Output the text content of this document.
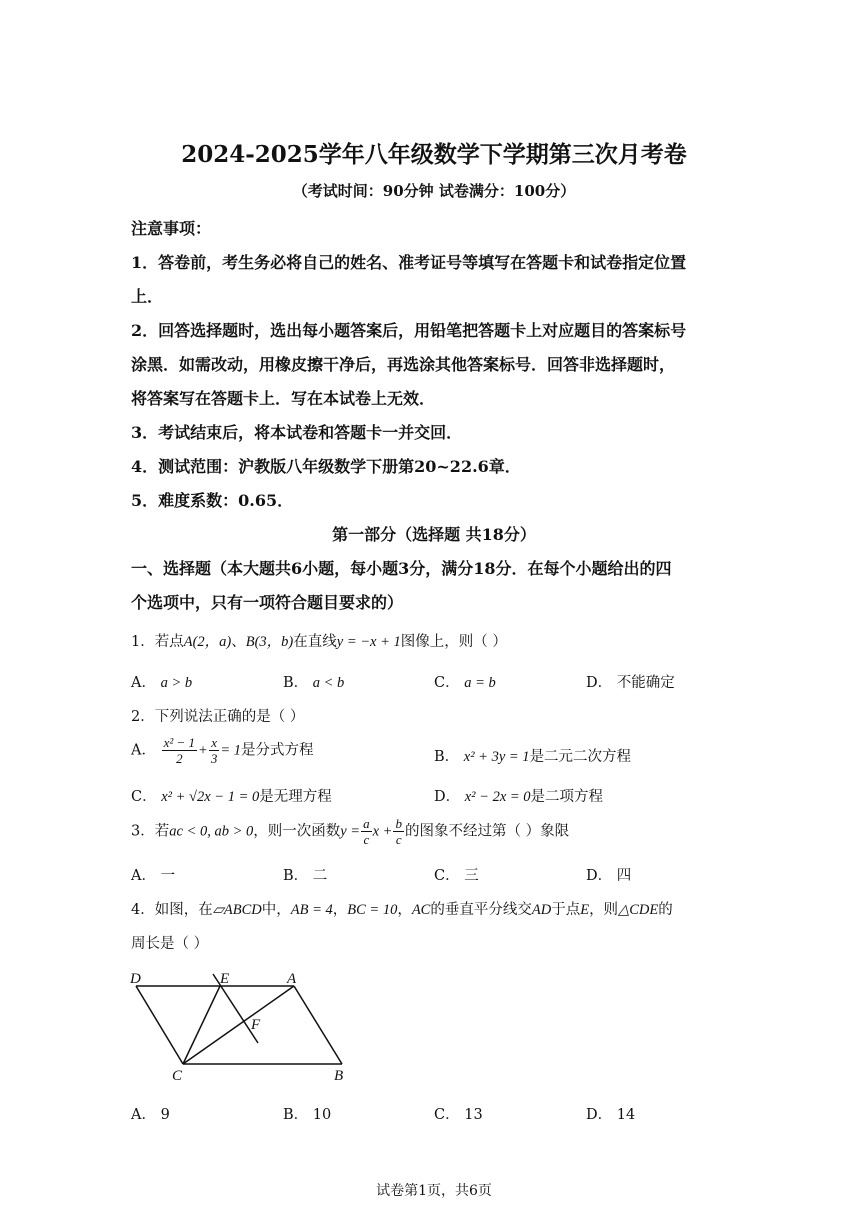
2024-2025学年八年级数学下学期第三次月考卷
（考试时间：90分钟 试卷满分：100分）
注意事项：
1．答卷前，考生务必将自己的姓名、准考证号等填写在答题卡和试卷指定位置
上．
2．回答选择题时，选出每小题答案后，用铅笔把答题卡上对应题目的答案标号
涂黑．如需改动，用橡皮擦干净后，再选涂其他答案标号．回答非选择题时，
将答案写在答题卡上．写在本试卷上无效．
3．考试结束后，将本试卷和答题卡一并交回．
4．测试范围：沪教版八年级数学下册第20~22.6章．
5．难度系数：0.65．
第一部分（选择题 共18分）
一、选择题（本大题共6小题，每小题3分，满分18分．在每个小题给出的四
个选项中，只有一项符合题目要求的）
1．若点A(2，a)、B(3，b)在直线y = −x + 1图像上，则（ ）
A． a > b	B． a < b	C． a = b	D． 不能确定
2．下列说法正确的是（ ）
A． $\frac{\text{x² − 1}}{2} + \frac{x}{3} = 1$是分式方程	B． x² + 3y = 1是二元二次方程
C． x² + √2x − 1 = 0是无理方程	D． x² − 2x = 0是二项方程
3．若ac < 0, ab > 0，则一次函数$y = \frac{a}{c}$ $x + \frac{b}{c}$ 的图象不经过第（ ）象限
A． 一	B． 二	C． 三	D． 四
4．如图，在▱ABCD中，AB = 4，BC = 10，AC的垂直平分线交AD于点E，则△CDE的
周长是（ ）
D	E	A
F
C	B
A． 9	B． 10	C． 13	D． 14
试卷第1页，共6页
